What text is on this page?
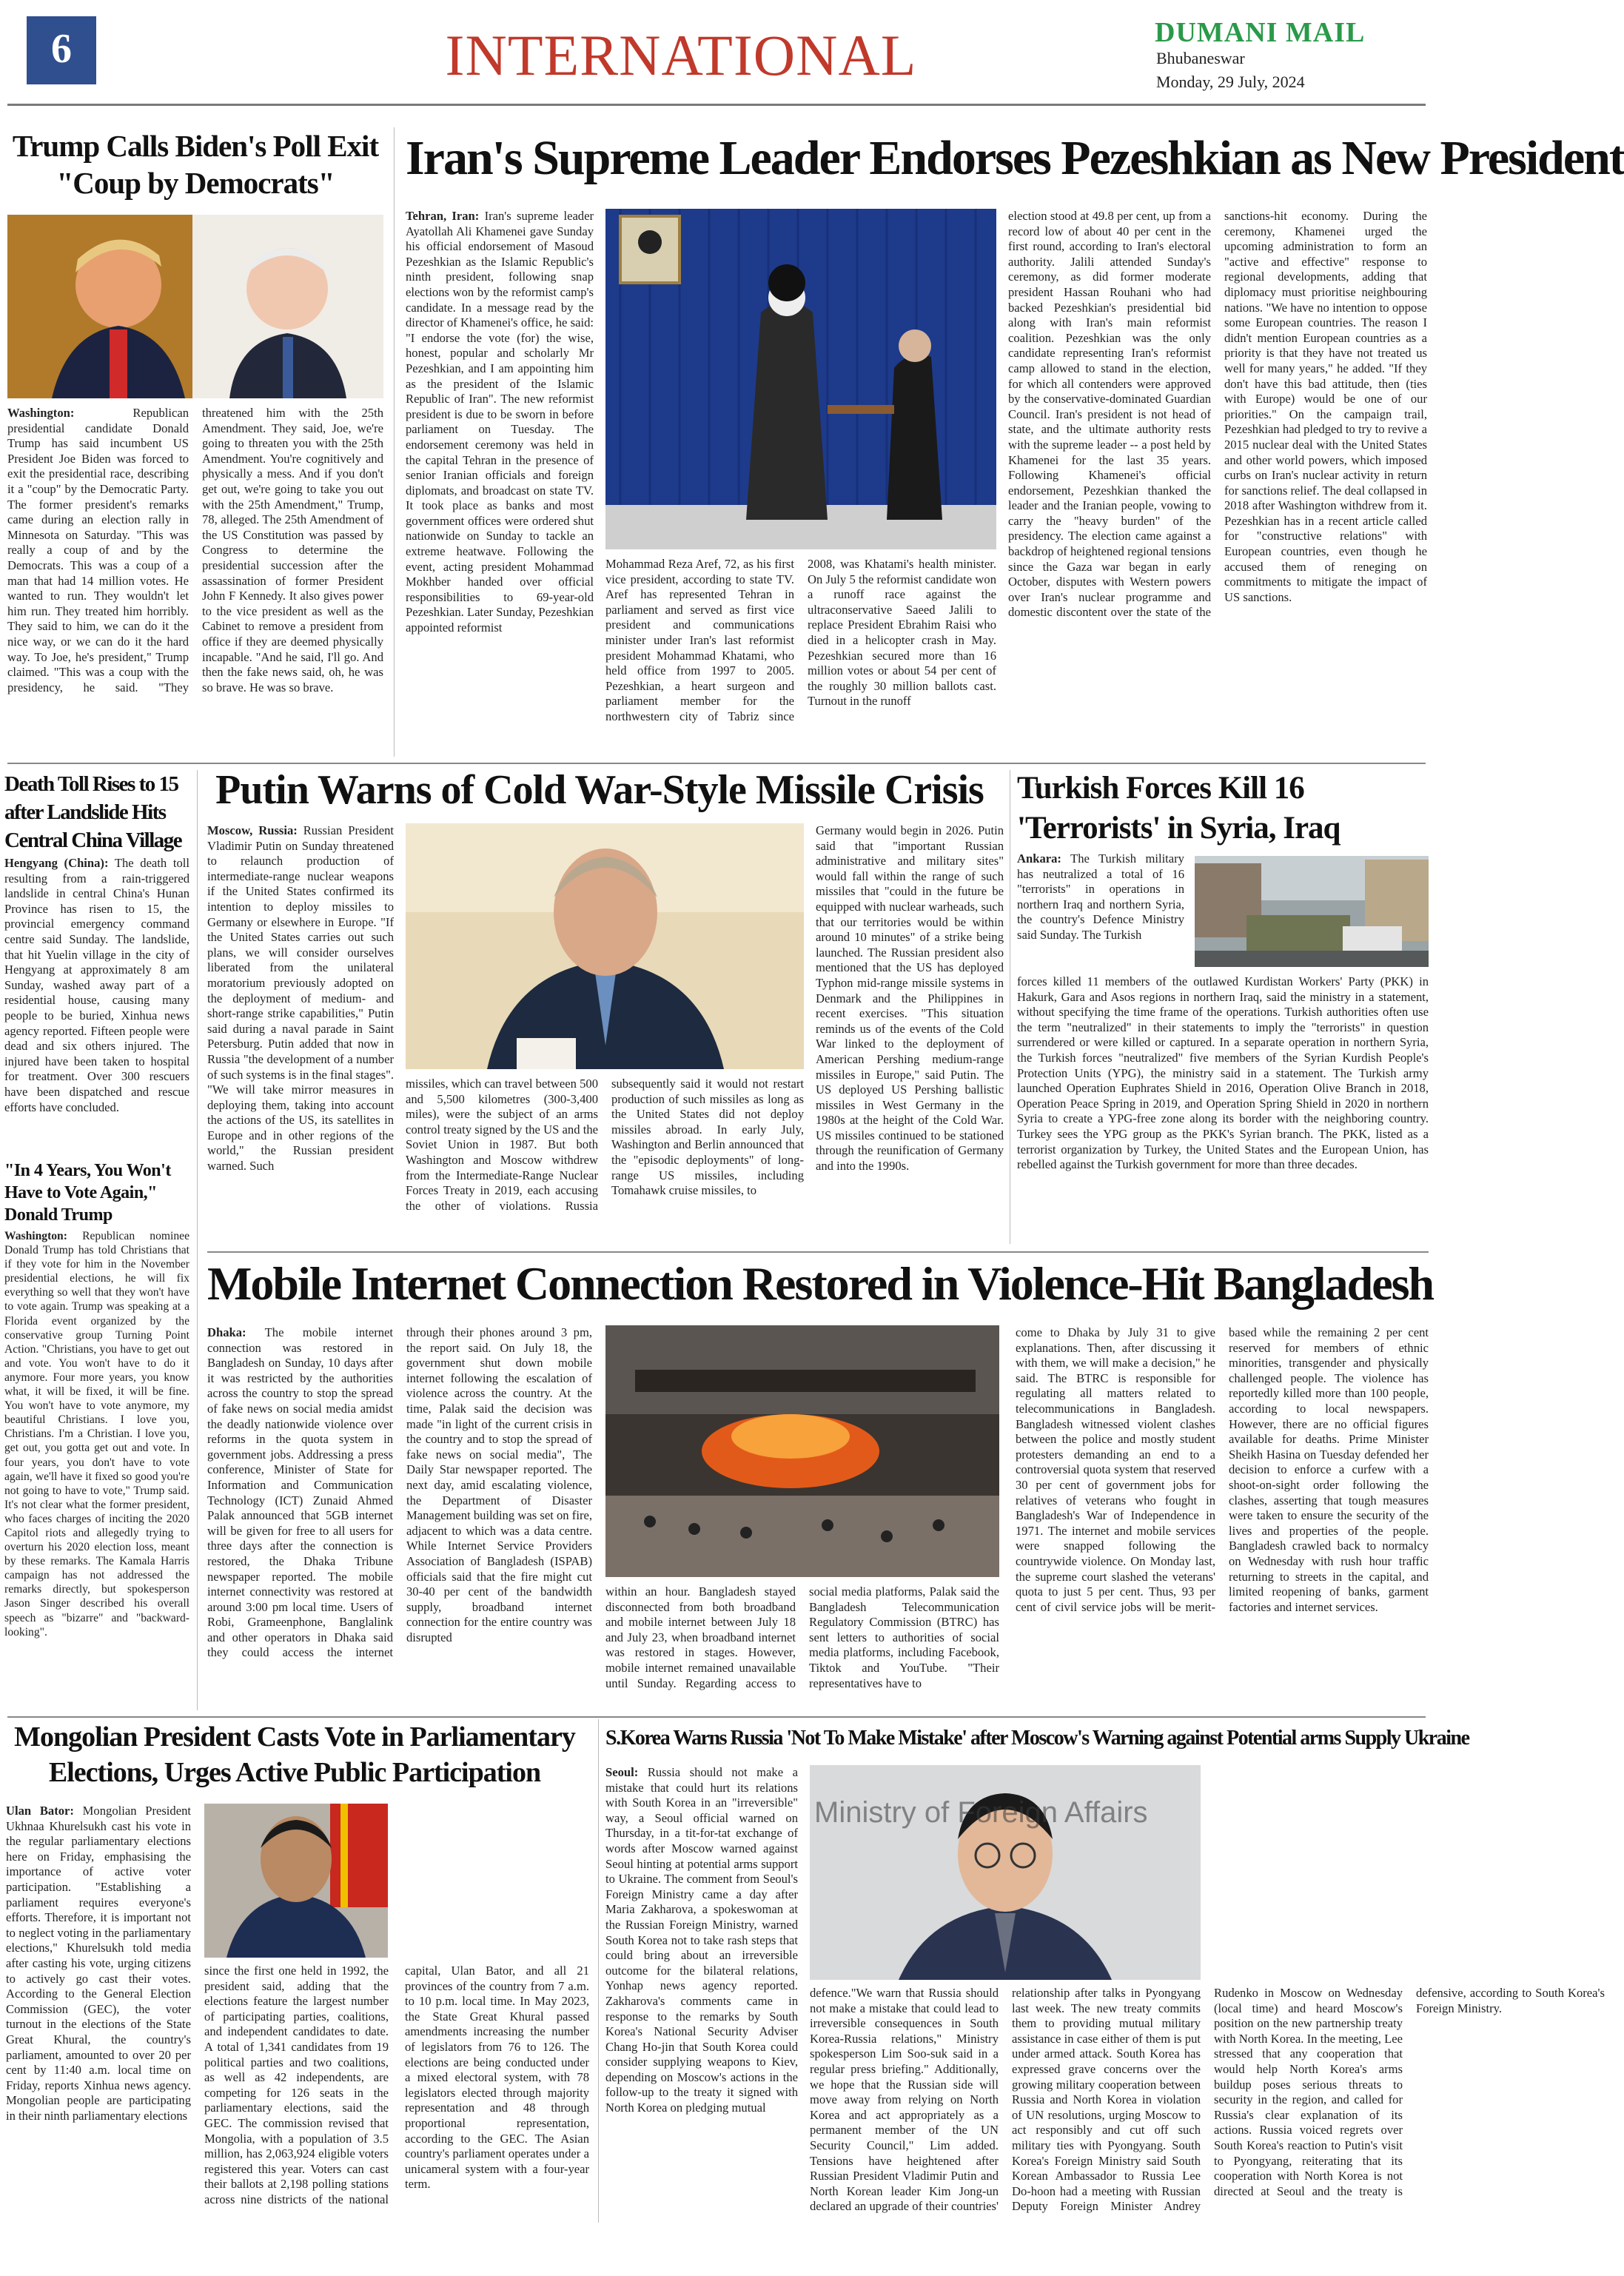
6	INTERNATIONAL	DUMANI MAIL
Bhubaneswar
Monday, 29 July, 2024
Trump Calls Biden's Poll Exit "Coup by Democrats"

Washington:	Republican presidential candidate Donald Trump has said incumbent US President Joe Biden was forced to exit the presidential race, describing it a "coup" by the Democratic Party. The former president's remarks came during an election rally in Minnesota on Saturday. "This was really a coup of and by the Democrats. This was a coup of a man that had 14 million votes. He wanted to run. They wouldn't let him run. They treated him horribly. They said to him, we can do it the nice way, or we can do it the hard way. To Joe, he's president," Trump claimed. "This was a coup with the presidency, he said. "They threatened him with the 25th Amendment. They said, Joe, we're going to threaten you with the 25th Amendment. You're cognitively and physically a mess. And if you don't get out, we're going to take you out with the 25th Amendment," Trump, 78, alleged. The 25th Amendment of the US Constitution was passed by Congress to determine the presidential succession after the assassination of former President John F Kennedy. It also gives power to the vice president as well as the Cabinet to remove a president from office if they are deemed physically incapable. "And he said, I'll go. And then the fake news said, oh, he was so brave. He was so brave.

Iran's Supreme Leader Endorses Pezeshkian as New President

Tehran, Iran: Iran's supreme leader Ayatollah Ali Khamenei gave Sunday his official endorsement of Masoud Pezeshkian as the Islamic Republic's ninth president, following snap elections won by the reformist camp's candidate. In a message read by the director of Khamenei's office, he said: "I endorse the vote (for) the wise, honest, popular and scholarly Mr Pezeshkian, and I am appointing him as the president of the Islamic Republic of Iran". The new reformist president is due to be sworn in before parliament on Tuesday. The endorsement ceremony was held in the capital Tehran in the presence of senior Iranian officials and foreign diplomats, and broadcast on state TV. It took place as banks and most government offices were ordered shut nationwide on Sunday to tackle an extreme heatwave. Following the event, acting president Mohammad Mokhber handed over official responsibilities to 69-year-old Pezeshkian. Later Sunday, Pezeshkian appointed reformist

Mohammad Reza Aref, 72, as his first vice president, according to state TV. Aref has represented Tehran in parliament and served as first vice president and communications minister under Iran's last reformist president Mohammad Khatami, who held office from 1997 to 2005. Pezeshkian, a heart surgeon and parliament member for the northwestern city of Tabriz since 2008, was Khatami's health minister. On July 5 the reformist candidate won a runoff race against the ultraconservative Saeed Jalili to replace President Ebrahim Raisi who died in a helicopter crash in May. Pezeshkian secured more than 16 million votes or about 54 per cent of the roughly 30 million ballots cast. Turnout in the runoff
election stood at 49.8 per cent, up from a record low of about 40 per cent in the first round, according to Iran's electoral authority. Jalili attended Sunday's ceremony, as did former moderate president Hassan Rouhani who had backed Pezeshkian's presidential bid along with Iran's main reformist coalition. Pezeshkian was the only candidate representing Iran's reformist camp allowed to stand in the election, for which all contenders were approved by the conservative-dominated Guardian Council. Iran's president is not head of state, and the ultimate authority rests with the supreme leader -- a post held by Khamenei for the last 35 years. Following Khamenei's official endorsement, Pezeshkian thanked the leader and the Iranian people, vowing to carry the "heavy burden" of the presidency. The election came against a backdrop of heightened regional tensions since the Gaza war began in early October, disputes with Western powers over Iran's nuclear programme and domestic discontent over the state of the sanctions-hit economy. During the ceremony, Khamenei urged the upcoming administration to form an "active and effective" response to regional developments, adding that diplomacy must prioritise neighbouring nations. "We have no intention to oppose some European countries. The reason I didn't mention European countries as a priority is that they have not treated us well for many years," he added. "If they don't have this bad attitude, then (ties with Europe) would be one of our priorities." On the campaign trail, Pezeshkian had pledged to try to revive a 2015 nuclear deal with the United States and other world powers, which imposed curbs on Iran's nuclear activity in return for sanctions relief. The deal collapsed in 2018 after Washington withdrew from it. Pezeshkian has in a recent article called for "constructive relations" with European countries, even though he accused them of reneging on commitments to mitigate the impact of US sanctions.
Death Toll Rises to 15 after Landslide Hits Central China Village

Hengyang (China): The death toll resulting from a rain-triggered landslide in central China's Hunan Province has risen to 15, the provincial emergency command centre said Sunday. The landslide, that hit Yuelin village in the city of Hengyang at approximately 8 am Sunday, washed away part of a residential house, causing many people to be buried, Xinhua news agency reported. Fifteen people were dead and six others injured. The injured have been taken to hospital for treatment. Over 300 rescuers have been dispatched and rescue efforts have concluded.

"In 4 Years, You Won't Have to Vote Again," Donald Trump

Washington: Republican nominee Donald Trump has told Christians that if they vote for him in the November presidential elections, he will fix everything so well that they won't have to vote again. Trump was speaking at a Florida event organized by the conservative group Turning Point Action. "Christians, you have to get out and vote. You won't have to do it anymore. Four more years, you know what, it will be fixed, it will be fine. You won't have to vote anymore, my beautiful Christians. I love you, Christians. I'm a Christian. I love you, get out, you gotta get out and vote. In four years, you don't have to vote again, we'll have it fixed so good you're not going to have to vote," Trump said. It's not clear what the former president, who faces charges of inciting the 2020 Capitol riots and allegedly trying to overturn his 2020 election loss, meant by these remarks. The Kamala Harris campaign has not addressed the remarks directly, but spokesperson Jason Singer described his overall speech as "bizarre" and "backward-looking".

Putin Warns of Cold War-Style Missile Crisis

Moscow, Russia: Russian President Vladimir Putin on Sunday threatened to relaunch production of intermediate-range nuclear weapons if the United States confirmed its intention to deploy missiles to Germany or elsewhere in Europe. "If the United States carries out such plans, we will consider ourselves liberated from the unilateral moratorium previously adopted on the deployment of medium- and short-range strike capabilities," Putin said during a naval parade in Saint Petersburg. Putin added that now in Russia "the development of a number of such systems is in the final stages". "We will take mirror measures in deploying them, taking into account the actions of the US, its satellites in Europe and in other regions of the world," the Russian president warned. Such

missiles, which can travel between 500 and 5,500 kilometres (300-3,400 miles), were the subject of an arms control treaty signed by the US and the Soviet Union in 1987. But both Washington and Moscow withdrew from the Intermediate-Range Nuclear Forces Treaty in 2019, each accusing the other of violations. Russia subsequently said it would not restart production of such missiles as long as the United States did not deploy missiles abroad. In early July, Washington and Berlin announced that the "episodic deployments" of long-range US missiles, including Tomahawk cruise missiles, to
Germany would begin in 2026. Putin said that "important Russian administrative and military sites" would fall within the range of such missiles that "could in the future be equipped with nuclear warheads, such that our territories would be within around 10 minutes" of a strike being launched. The Russian president also mentioned that the US has deployed Typhon mid-range missile systems in Denmark and the Philippines in recent exercises. "This situation reminds us of the events of the Cold War linked to the deployment of American Pershing medium-range missiles in Europe," said Putin. The US deployed US Pershing ballistic missiles in West Germany in the 1980s at the height of the Cold War. US missiles continued to be stationed through the reunification of Germany and into the 1990s.
Turkish Forces Kill 16 'Terrorists' in Syria, Iraq

Ankara: The Turkish military has neutralized a total of 16 "terrorists" in operations in northern Iraq and northern Syria, the country's Defence Ministry said Sunday. The Turkish

forces killed 11 members of the outlawed Kurdistan Workers' Party (PKK) in Hakurk, Gara and Asos regions in northern Iraq, said the ministry in a statement, without specifying the time frame of the operations. Turkish authorities often use the term "neutralized" in their statements to imply the "terrorists" in question surrendered or were killed or captured. In a separate operation in northern Syria, the Turkish forces "neutralized" five members of the Syrian Kurdish People's Protection Units (YPG), the ministry said in a statement. The Turkish army launched Operation Euphrates Shield in 2016, Operation Olive Branch in 2018, Operation Peace Spring in 2019, and Operation Spring Shield in 2020 in northern Syria to create a YPG-free zone along its border with the neighboring country. Turkey sees the YPG group as the PKK's Syrian branch. The PKK, listed as a terrorist organization by Turkey, the United States and the European Union, has rebelled against the Turkish government for more than three decades.
Mobile Internet Connection Restored in Violence-Hit Bangladesh

Dhaka: The mobile internet connection was restored in Bangladesh on Sunday, 10 days after it was restricted by the authorities across the country to stop the spread of fake news on social media amidst the deadly nationwide violence over reforms in the quota system in government jobs. Addressing a press conference, Minister of State for Information and Communication Technology (ICT) Zunaid Ahmed Palak announced that 5GB internet will be given for free to all users for three days after the connection is restored, the Dhaka Tribune newspaper reported. The mobile internet connectivity was restored at around 3:00 pm local time. Users of Robi, Grameenphone, Banglalink and other operators in Dhaka said they could access the internet through their phones around 3 pm, the report said. On July 18, the government shut down mobile internet following the escalation of violence across the country. At the time, Palak said the decision was made "in light of the current crisis in the country and to stop the spread of fake news on social media", The Daily Star newspaper reported. The next day, amid escalating violence, the Department of Disaster Management building was set on fire, adjacent to which was a data centre. While Internet Service Providers Association of Bangladesh (ISPAB) officials said that the fire might cut 30-40 per cent of the bandwidth supply, broadband internet connection for the entire country was disrupted

within an hour. Bangladesh stayed disconnected from both broadband and mobile internet between July 18 and July 23, when broadband internet was restored in stages. However, mobile internet remained unavailable until Sunday. Regarding access to social media platforms, Palak said the Bangladesh Telecommunication Regulatory Commission (BTRC) has sent letters to authorities of social media platforms, including Facebook, Tiktok and YouTube. "Their representatives have to
come to Dhaka by July 31 to give explanations. Then, after discussing it with them, we will make a decision," he said. The BTRC is responsible for regulating all matters related to telecommunications in Bangladesh. Bangladesh witnessed violent clashes between the police and mostly student protesters demanding an end to a controversial quota system that reserved 30 per cent of government jobs for relatives of veterans who fought in Bangladesh's War of Independence in 1971. The internet and mobile services were snapped following the countrywide violence. On Monday last, the supreme court slashed the veterans' quota to just 5 per cent. Thus, 93 per cent of civil service jobs will be merit-based while the remaining 2 per cent reserved for members of ethnic minorities, transgender and physically challenged people. The violence has reportedly killed more than 100 people, according to local newspapers. However, there are no official figures available for deaths. Prime Minister Sheikh Hasina on Tuesday defended her decision to enforce a curfew with a shoot-on-sight order following the clashes, asserting that tough measures were taken to ensure the security of the lives and properties of the people. Bangladesh crawled back to normalcy on Wednesday with rush hour traffic returning to streets in the capital, and limited reopening of banks, garment factories and internet services.
Mongolian President Casts Vote in Parliamentary Elections, Urges Active Public Participation

Ulan Bator: Mongolian President Ukhnaa Khurelsukh cast his vote in the regular parliamentary elections here on Friday, emphasising the importance of active voter participation. "Establishing a parliament requires everyone's efforts. Therefore, it is important not to neglect voting in the parliamentary elections," Khurelsukh told media after casting his vote, urging citizens to actively go cast their votes. According to the General Election Commission (GEC), the voter turnout in the elections of the State Great Khural, the country's parliament, amounted to over 20 per cent by 11:40 a.m. local time on Friday, reports Xinhua news agency. Mongolian people are participating in their ninth parliamentary elections

since the first one held in 1992, the president said, adding that the elections feature the largest number of participating parties, coalitions, and independent candidates to date. A total of 1,341 candidates from 19 political parties and two coalitions, as well as 42 independents, are competing for 126 seats in the parliamentary elections, said the GEC. The commission revised that Mongolia, with a population of 3.5 million, has 2,063,924 eligible voters registered this year. Voters can cast their ballots at 2,198 polling stations across nine districts of the national capital, Ulan Bator, and all 21 provinces of the country from 7 a.m. to 10 p.m. local time. In May 2023, the State Great Khural passed amendments increasing the number of legislators from 76 to 126. The elections are being conducted under a mixed electoral system, with 78 legislators elected through majority representation and 48 through proportional representation, according to the GEC. The Asian country's parliament operates under a unicameral system with a four-year term.
S.Korea Warns Russia 'Not To Make Mistake' after Moscow's Warning against Potential arms Supply Ukraine

Seoul: Russia should not make a mistake that could hurt its relations with South Korea in an "irreversible" way, a Seoul official warned on Thursday, in a tit-for-tat exchange of words after Moscow warned against Seoul hinting at potential arms support to Ukraine. The comment from Seoul's Foreign Ministry came a day after Maria Zakharova, a spokeswoman at the Russian Foreign Ministry, warned South Korea not to take rash steps that could bring about an irreversible outcome for the bilateral relations, Yonhap news agency reported. Zakharova's comments came in response to the remarks by South Korea's National Security Adviser Chang Ho-jin that South Korea could consider supplying weapons to Kiev, depending on Moscow's actions in the follow-up to the treaty it signed with North Korea on pledging mutual

Ministry of Foreign Affairs
defence."We warn that Russia should not make a mistake that could lead to irreversible consequences in South Korea-Russia relations," Ministry spokesperson Lim Soo-suk said in a regular press briefing." Additionally, we hope that the Russian side will move away from relying on North Korea and act appropriately as a permanent member of the UN Security Council," Lim added. Tensions have heightened after Russian President Vladimir Putin and North Korean leader Kim Jong-un declared an upgrade of their countries' relationship after talks in Pyongyang last week. The new treaty commits them to providing mutual military assistance in case either of them is put under armed attack. South Korea has expressed grave concerns over the growing military cooperation between Russia and North Korea in violation of UN resolutions, urging Moscow to act responsibly and cut off such military ties with Pyongyang. South Korea's Foreign Ministry said South Korean Ambassador to Russia Lee Do-hoon had a meeting with Russian Deputy Foreign Minister Andrey Rudenko in Moscow on Wednesday (local time) and heard Moscow's position on the new partnership treaty with North Korea. In the meeting, Lee stressed that any cooperation that would help North Korea's arms buildup poses serious threats to security in the region, and called for Russia's clear explanation of its actions. Russia voiced regrets over South Korea's reaction to Putin's visit to Pyongyang, reiterating that its cooperation with North Korea is not directed at Seoul and the treaty is defensive, according to South Korea's Foreign Ministry.
